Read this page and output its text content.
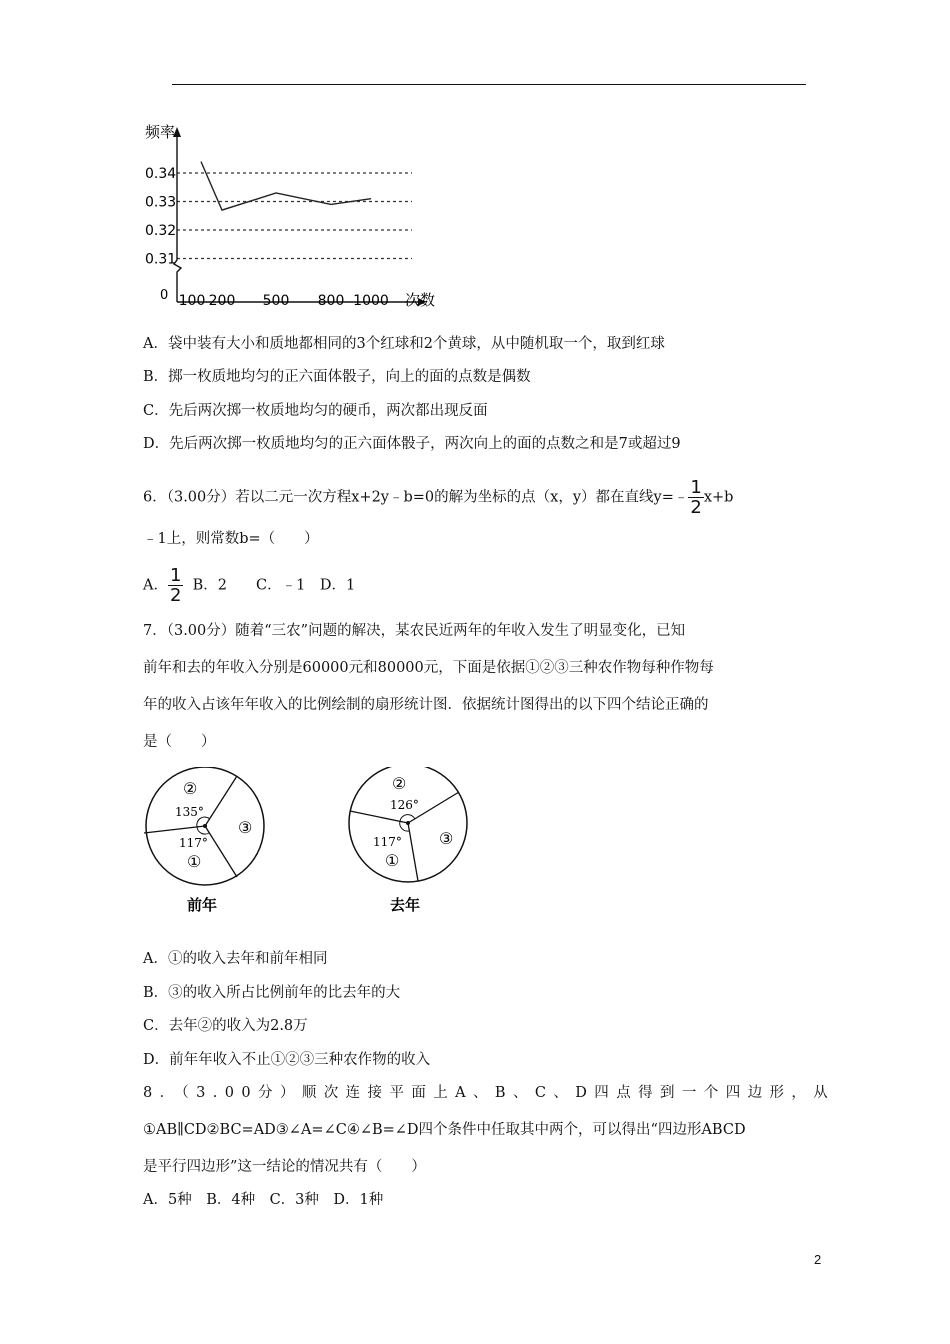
频率
次数
0
0.34
0.33
0.32
0.31
100 200 500 800 1000
A．袋中装有大小和质地都相同的3个红球和2个黄球，从中随机取一个，取到红球
B．掷一枚质地均匀的正六面体骰子，向上的面的点数是偶数
C．先后两次掷一枚质地均匀的硬币，两次都出现反面
D．先后两次掷一枚质地均匀的正六面体骰子，两次向上的面的点数之和是7或超过9
6．（3.00分）若以二元一次方程x+2y﹣b=0的解为坐标的点（x，y）都在直线y=﹣ $\frac{1}{2} x+b$
﹣1上，则常数b=（　　）
A． $\frac{1}{2}$ B．2　　C．﹣1　D．1
7．（3.00分）随着“三农”问题的解决，某农民近两年的年收入发生了明显变化，已知
前年和去的年收入分别是60000元和80000元，下面是依据①②③三种农作物每种作物每
年的收入占该年年收入的比例绘制的扇形统计图．依据统计图得出的以下四个结论正确的
是（　　）
②
135°
117°
①
③
前年
②
126°
117°
①
③
去年
A．①的收入去年和前年相同
B．③的收入所占比例前年的比去年的大
C．去年②的收入为2.8万
D．前年年收入不止①②③三种农作物的收入
8．（3.00分）顺次连接平面上A、B、C、D四点得到一个四边形，从
①AB∥CD②BC=AD③∠A=∠C④∠B=∠D四个条件中任取其中两个，可以得出“四边形ABCD
是平行四边形”这一结论的情况共有（　　）
A．5种　B．4种　C．3种　D．1种
2
